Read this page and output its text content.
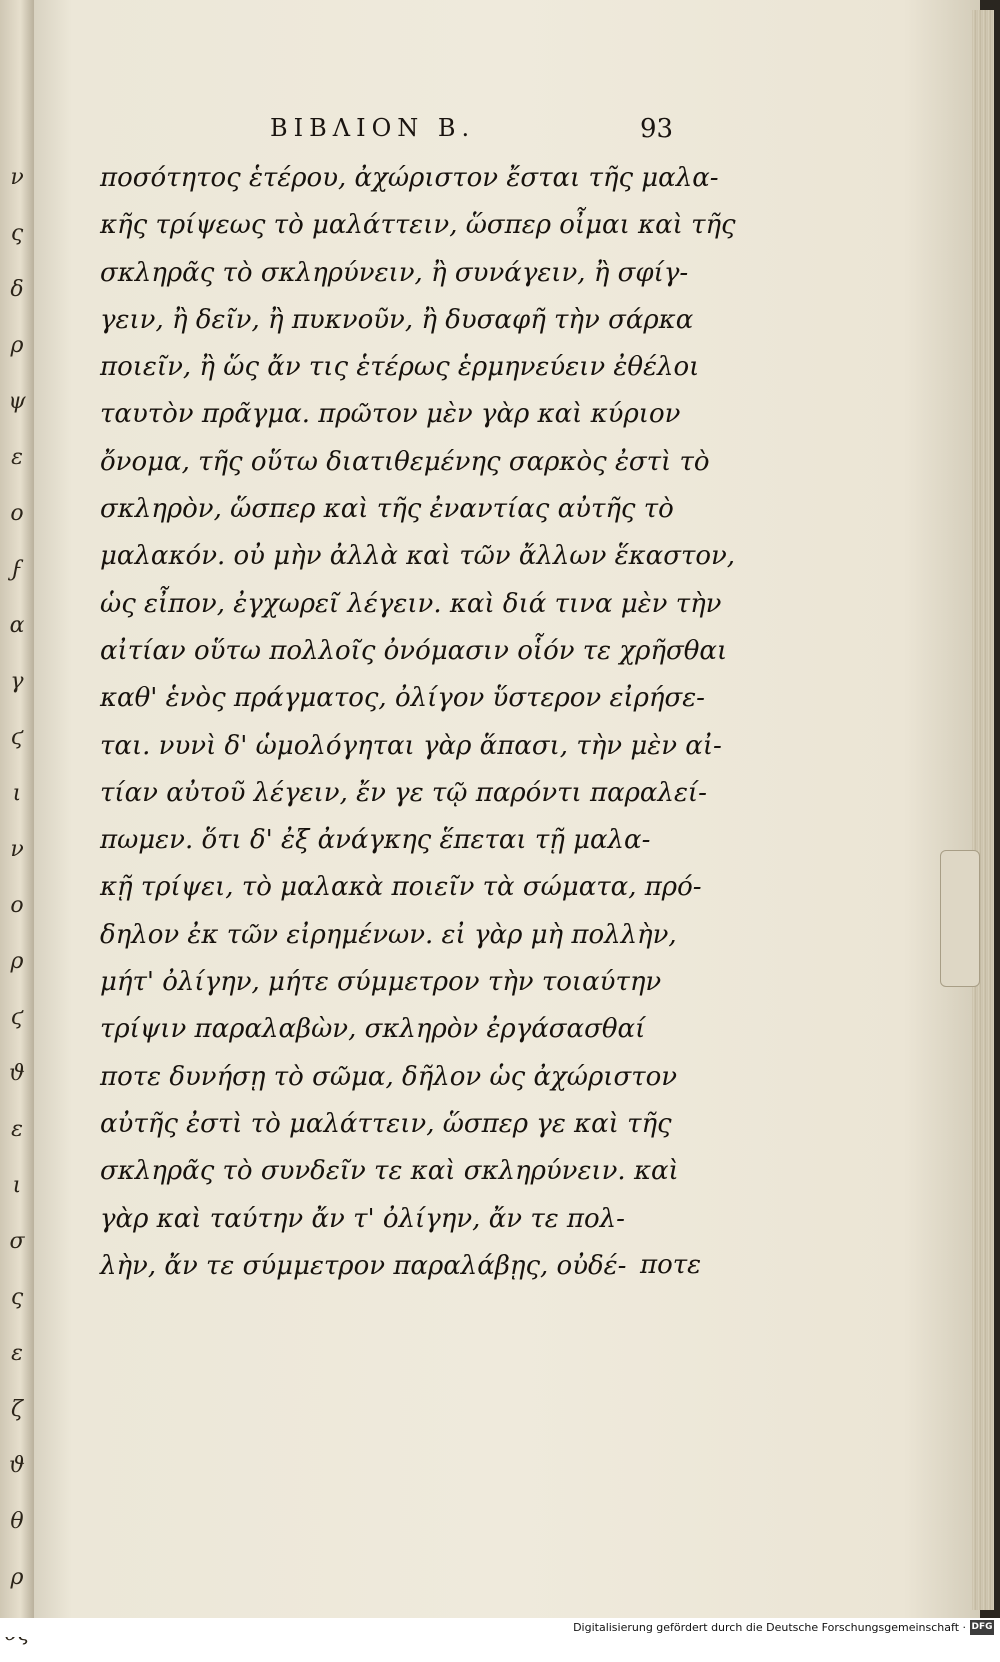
ν
ς
δ
ρ
ψ
ɛ
ο
ϝ
α
γ
ϛ
ι
ν
ο
ρ
ϛ
ϑ
ε
ι
σ
ς
ε
ζ
ϑ
θ
ρ
ΒΙΒΛΙΟΝ Β.	93
ποσότητος ἑτέρου, ἀχώριστον ἔσται τῆς μαλα-
κῆς τρίψεως τὸ μαλάττειν, ὥσπερ οἶμαι καὶ τῆς
σκληρᾶς τὸ σκληρύνειν, ἢ συνάγειν, ἢ σφίγ-
γειν, ἢ δεῖν, ἢ πυκνοῦν, ἢ δυσαφῆ τὴν σάρκα
ποιεῖν, ἢ ὥς ἄν τις ἑτέρως ἑρμηνεύειν ἐθέλοι
ταυτὸν πρᾶγμα. πρῶτον μὲν γὰρ καὶ κύριον
ὄνομα, τῆς οὕτω διατιθεμένης σαρκὸς ἐστὶ τὸ
σκληρὸν, ὥσπερ καὶ τῆς ἐναντίας αὐτῆς τὸ
μαλακόν. οὐ μὴν ἀλλὰ καὶ τῶν ἄλλων ἕκαστον,
ὡς εἶπον, ἐγχωρεῖ λέγειν. καὶ διά τινα μὲν τὴν
αἰτίαν οὕτω πολλοῖς ὀνόμασιν οἷόν τε χρῆσθαι
καθ' ἑνὸς πράγματος, ὀλίγον ὕστερον εἰρήσε-
ται. νυνὶ δ' ὡμολόγηται γὰρ ἅπασι, τὴν μὲν αἰ-
τίαν αὐτοῦ λέγειν, ἔν γε τῷ παρόντι παραλεί-
πωμεν. ὅτι δ' ἐξ ἀνάγκης ἕπεται τῇ μαλα-
κῇ τρίψει, τὸ μαλακὰ ποιεῖν τὰ σώματα, πρό-
δηλον ἐκ τῶν εἰρημένων. εἰ γὰρ μὴ πολλὴν,
μήτ' ὀλίγην, μήτε σύμμετρον τὴν τοιαύτην
τρίψιν παραλαβὼν, σκληρὸν ἐργάσασθαί
ποτε δυνήσῃ τὸ σῶμα, δῆλον ὡς ἀχώριστον
αὐτῆς ἐστὶ τὸ μαλάττειν, ὥσπερ γε καὶ τῆς
σκληρᾶς τὸ συνδεῖν τε καὶ σκληρύνειν. καὶ
γὰρ καὶ ταύτην ἄν τ' ὀλίγην, ἄν τε πολ-
λὴν, ἄν τε σύμμετρον παραλάβῃς, οὐδέ- ποτε
Digitalisierung gefördert durch die Deutsche Forschungsgemeinschaft · DFG
